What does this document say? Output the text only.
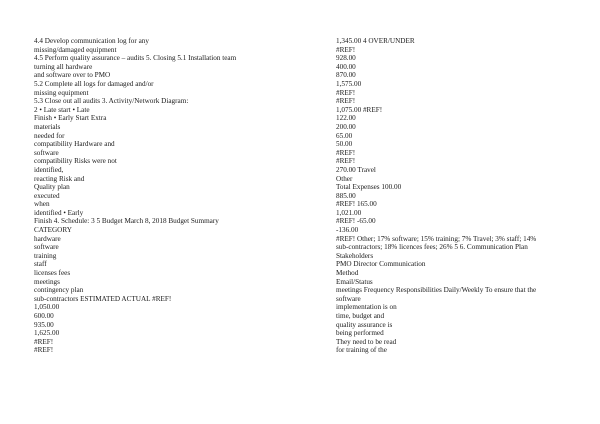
4.4 Develop communication log for any
missing/damaged equipment
4.5 Perform quality assurance – audits 5. Closing 5.1 Installation team
turning all hardware
and software over to PMO
5.2 Complete all logs for damaged and/or
missing equipment
5.3 Close out all audits 3. Activity/Network Diagram:
2 • Late start • Late
Finish • Early Start Extra
materials
needed for
compatibility Hardware and
software
compatibility Risks were not
identified,
reacting Risk and
Quality plan
executed
when
identified • Early
Finish 4. Schedule: 3 5 Budget March 8, 2018 Budget Summary
CATEGORY
hardware
software
training
staff
licenses fees
meetings
contingency plan
sub-contractors ESTIMATED ACTUAL #REF!
1,050.00
600.00
935.00
1,625.00
#REF!
#REF!
1,345.00 4 OVER/UNDER
#REF!
928.00
400.00
870.00
1,575.00
#REF!
#REF!
1,075.00 #REF!
122.00
200.00
65.00
50.00
#REF!
#REF!
270.00 Travel
Other
Total Expenses 100.00
885.00
#REF! 165.00
1,021.00
#REF! -65.00
-136.00
#REF! Other; 17% software; 15% training; 7% Travel; 3% staff; 14%
sub-contractors; 18% licences fees; 26% 5 6. Communication Plan
Stakeholders
PMO Director Communication
Method
Email/Status
meetings Frequency Responsibilities Daily/Weekly To ensure that the
software
implementation is on
time, budget and
quality assurance is
being performed
They need to be read
for training of the
